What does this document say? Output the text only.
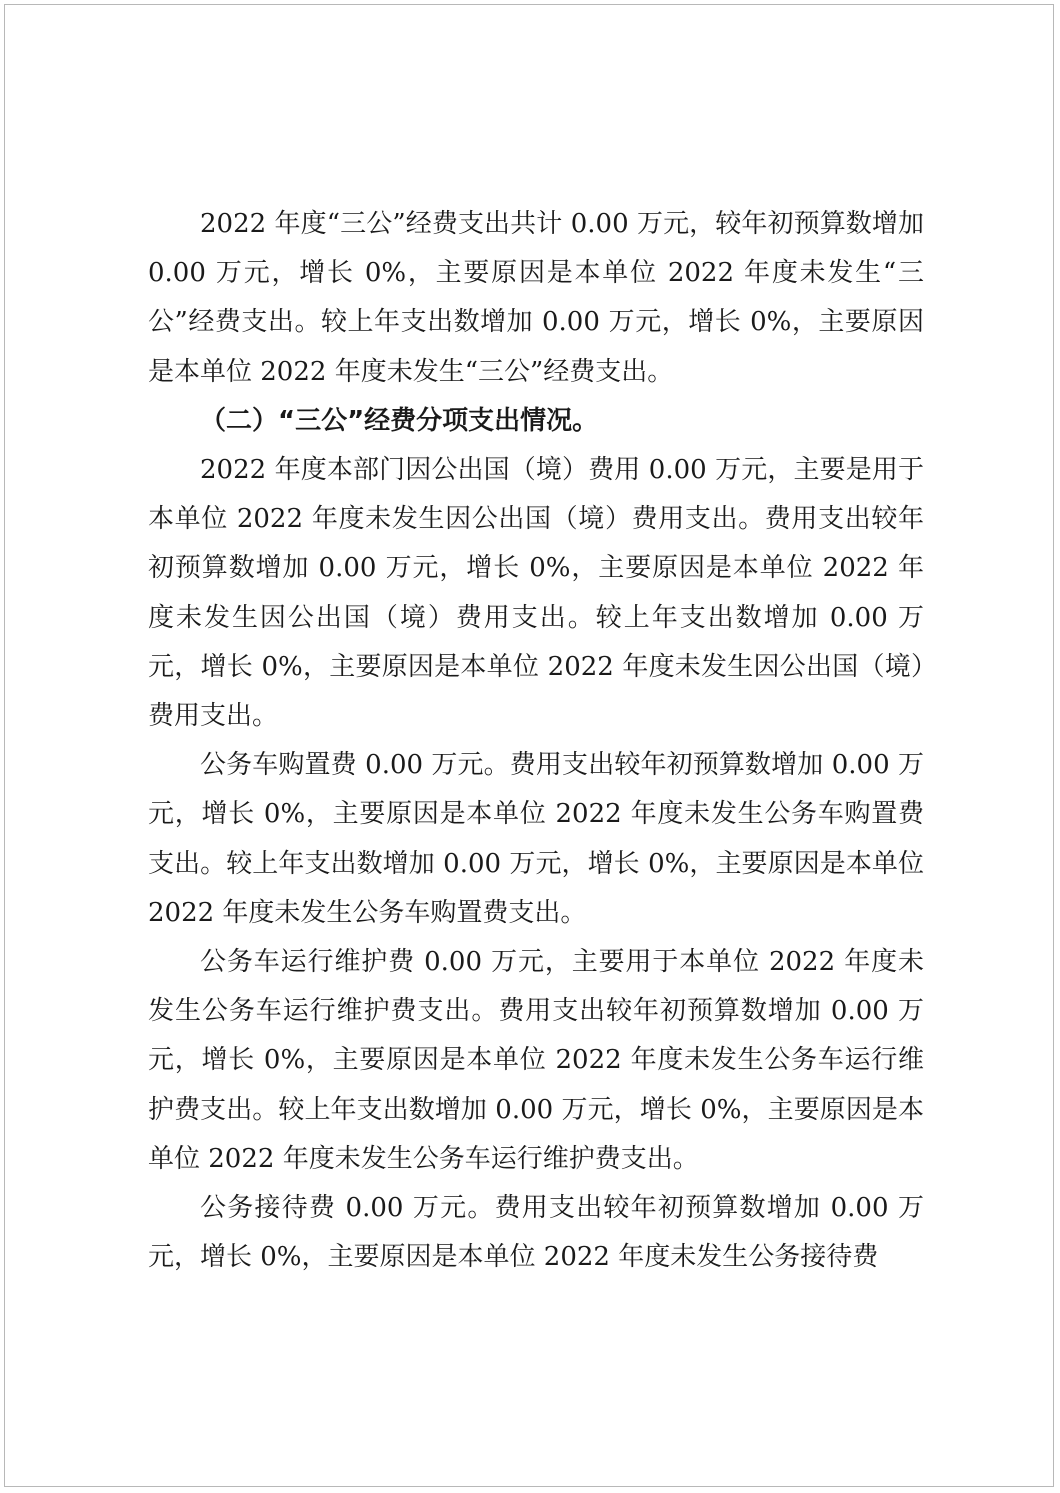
2022 年度“三公”经费支出共计 0.00 万元，较年初预算数增加 0.00 万元，增长 0%，主要原因是本单位 2022 年度未发生“三公”经费支出。较上年支出数增加 0.00 万元，增长 0%，主要原因是本单位 2022 年度未发生“三公”经费支出。

（二）“三公”经费分项支出情况。

2022 年度本部门因公出国（境）费用 0.00 万元，主要是用于本单位 2022 年度未发生因公出国（境）费用支出。费用支出较年初预算数增加 0.00 万元，增长 0%，主要原因是本单位 2022 年度未发生因公出国（境）费用支出。较上年支出数增加 0.00 万元，增长 0%，主要原因是本单位 2022 年度未发生因公出国（境）费用支出。

公务车购置费 0.00 万元。费用支出较年初预算数增加 0.00 万元，增长 0%，主要原因是本单位 2022 年度未发生公务车购置费支出。较上年支出数增加 0.00 万元，增长 0%，主要原因是本单位 2022 年度未发生公务车购置费支出。

公务车运行维护费 0.00 万元，主要用于本单位 2022 年度未发生公务车运行维护费支出。费用支出较年初预算数增加 0.00 万元，增长 0%，主要原因是本单位 2022 年度未发生公务车运行维护费支出。较上年支出数增加 0.00 万元，增长 0%，主要原因是本单位 2022 年度未发生公务车运行维护费支出。

公务接待费 0.00 万元。费用支出较年初预算数增加 0.00 万元，增长 0%，主要原因是本单位 2022 年度未发生公务接待费
